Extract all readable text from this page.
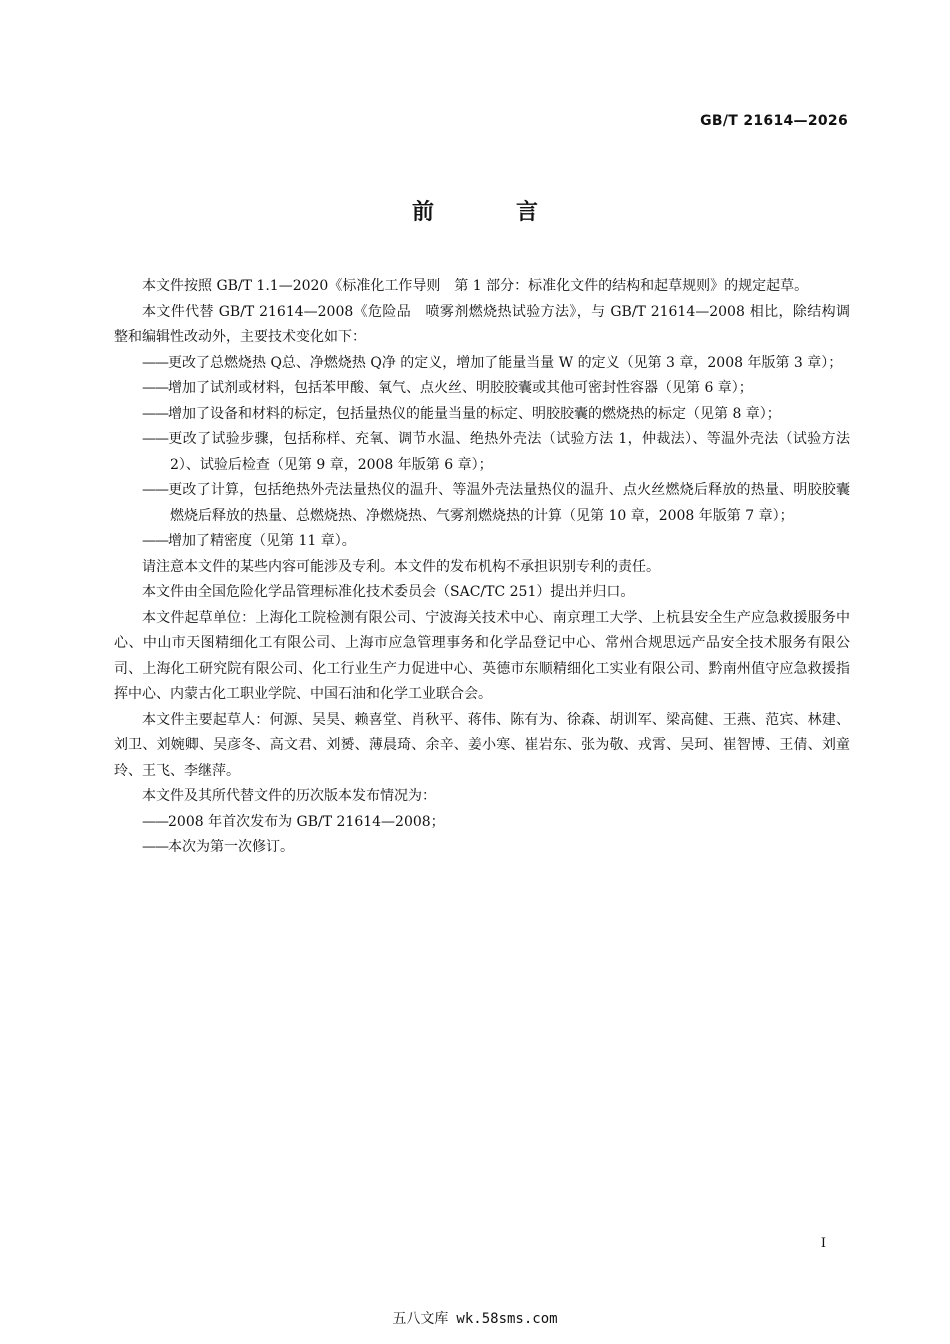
GB/T 21614—2026
前　言

本文件按照 GB/T 1.1—2020《标准化工作导则　第 1 部分：标准化文件的结构和起草规则》的规定起草。

本文件代替 GB/T 21614—2008《危险品　喷雾剂燃烧热试验方法》，与 GB/T 21614—2008 相比，除结构调整和编辑性改动外，主要技术变化如下：

——更改了总燃烧热 Q总、净燃烧热 Q净 的定义，增加了能量当量 W 的定义（见第 3 章，2008 年版第 3 章）；

——增加了试剂或材料，包括苯甲酸、氧气、点火丝、明胶胶囊或其他可密封性容器（见第 6 章）；

——增加了设备和材料的标定，包括量热仪的能量当量的标定、明胶胶囊的燃烧热的标定（见第 8 章）；

——更改了试验步骤，包括称样、充氧、调节水温、绝热外壳法（试验方法 1，仲裁法）、等温外壳法（试验方法 2）、试验后检查（见第 9 章，2008 年版第 6 章）；

——更改了计算，包括绝热外壳法量热仪的温升、等温外壳法量热仪的温升、点火丝燃烧后释放的热量、明胶胶囊燃烧后释放的热量、总燃烧热、净燃烧热、气雾剂燃烧热的计算（见第 10 章，2008 年版第 7 章）；

——增加了精密度（见第 11 章）。

请注意本文件的某些内容可能涉及专利。本文件的发布机构不承担识别专利的责任。

本文件由全国危险化学品管理标准化技术委员会（SAC/TC 251）提出并归口。

本文件起草单位：上海化工院检测有限公司、宁波海关技术中心、南京理工大学、上杭县安全生产应急救援服务中心、中山市天图精细化工有限公司、上海市应急管理事务和化学品登记中心、常州合规思远产品安全技术服务有限公司、上海化工研究院有限公司、化工行业生产力促进中心、英德市东顺精细化工实业有限公司、黔南州值守应急救援指挥中心、内蒙古化工职业学院、中国石油和化学工业联合会。

本文件主要起草人：何源、吴昊、赖喜堂、肖秋平、蒋伟、陈有为、徐森、胡训军、梁高健、王燕、范宾、林建、刘卫、刘婉卿、吴彦冬、高文君、刘赟、薄晨琦、余辛、姜小寒、崔岩东、张为敬、戎霄、吴珂、崔智博、王倩、刘童玲、王飞、李继萍。

本文件及其所代替文件的历次版本发布情况为：

——2008 年首次发布为 GB/T 21614—2008；

——本次为第一次修订。

I
五八文库 wk.58sms.com
